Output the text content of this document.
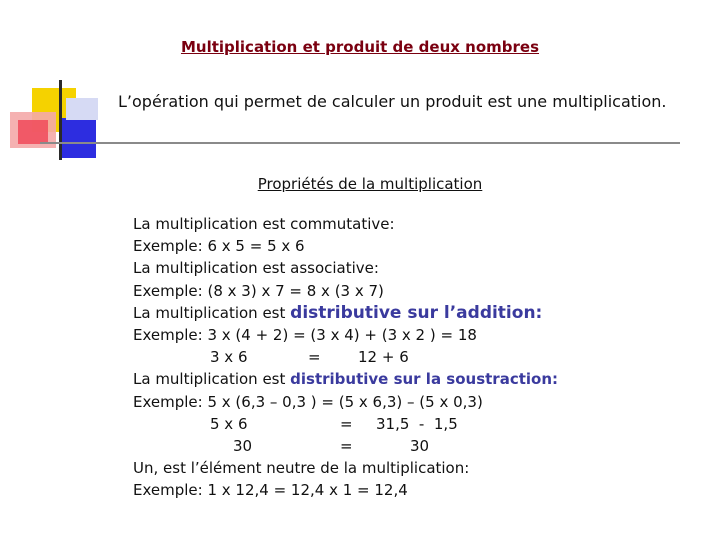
Multiplication et produit de deux nombres
L’opération qui permet de calculer un produit est une multiplication.
Propriétés de la multiplication
La multiplication est commutative:
Exemple: 6 x 5 = 5 x 6
La multiplication est associative:
Exemple: (8 x 3) x 7 = 8 x (3 x 7)
La multiplication est distributive sur l’addition:
Exemple: 3 x (4 + 2) = (3 x 4) + (3 x 2 ) = 18
3 x 6	= 12 + 6
La multiplication est distributive sur la soustraction:
Exemple: 5 x (6,3 – 0,3 ) = (5 x 6,3) – (5 x 0,3)
5 x 6	= 31,5  -  1,5
30	=	30
Un, est l’élément neutre de la multiplication:
Exemple: 1 x 12,4 = 12,4 x 1 = 12,4
